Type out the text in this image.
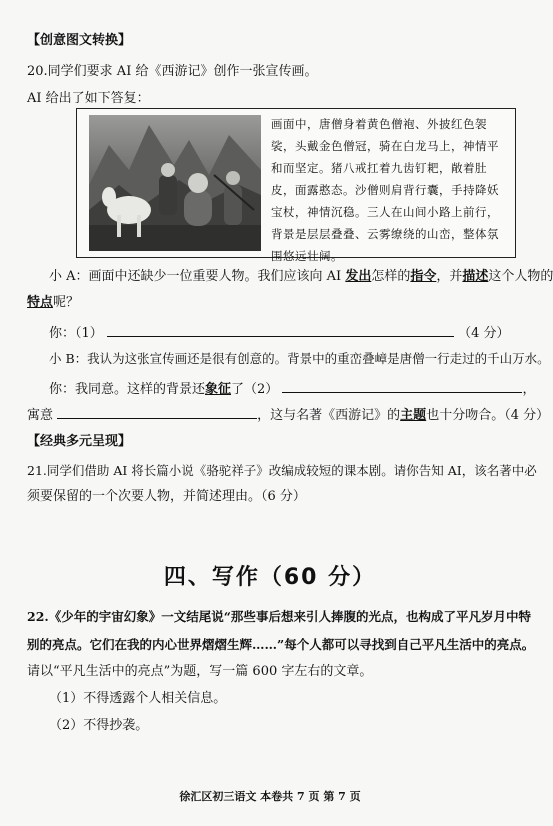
【创意图文转换】
20.同学们要求 AI 给《西游记》创作一张宣传画。
AI 给出了如下答复：
画面中，唐僧身着黄色僧袍、外披红色袈裟，头戴金色僧冠，骑在白龙马上，神情平和而坚定。猪八戒扛着九齿钉耙，敞着肚皮，面露憨态。沙僧则肩背行囊，手持降妖宝杖，神情沉稳。三人在山间小路上前行，背景是层层叠叠、云雾缭绕的山峦，整体氛围悠远壮阔。
小 A：画面中还缺少一位重要人物。我们应该向 AI 发出怎样的指令，并描述这个人物的
特点呢？
你：（1）	（4 分）
小 B：我认为这张宣传画还是很有创意的。背景中的重峦叠嶂是唐僧一行走过的千山万水。
你：我同意。这样的背景还象征了（2）	，
寓意	，这与名著《西游记》的主题也十分吻合。（4 分）
【经典多元呈现】
21.同学们借助 AI 将长篇小说《骆驼祥子》改编成较短的课本剧。请你告知 AI，该名著中必
须要保留的一个次要人物，并简述理由。（6 分）
四、写作（60 分）
22.《少年的宇宙幻象》一文结尾说“那些事后想来引人捧腹的光点，也构成了平凡岁月中特
别的亮点。它们在我的内心世界熠熠生辉……”每个人都可以寻找到自己平凡生活中的亮点。
请以“平凡生活中的亮点”为题，写一篇 600 字左右的文章。
（1）不得透露个人相关信息。
（2）不得抄袭。
徐汇区初三语文 本卷共 7 页 第 7 页
